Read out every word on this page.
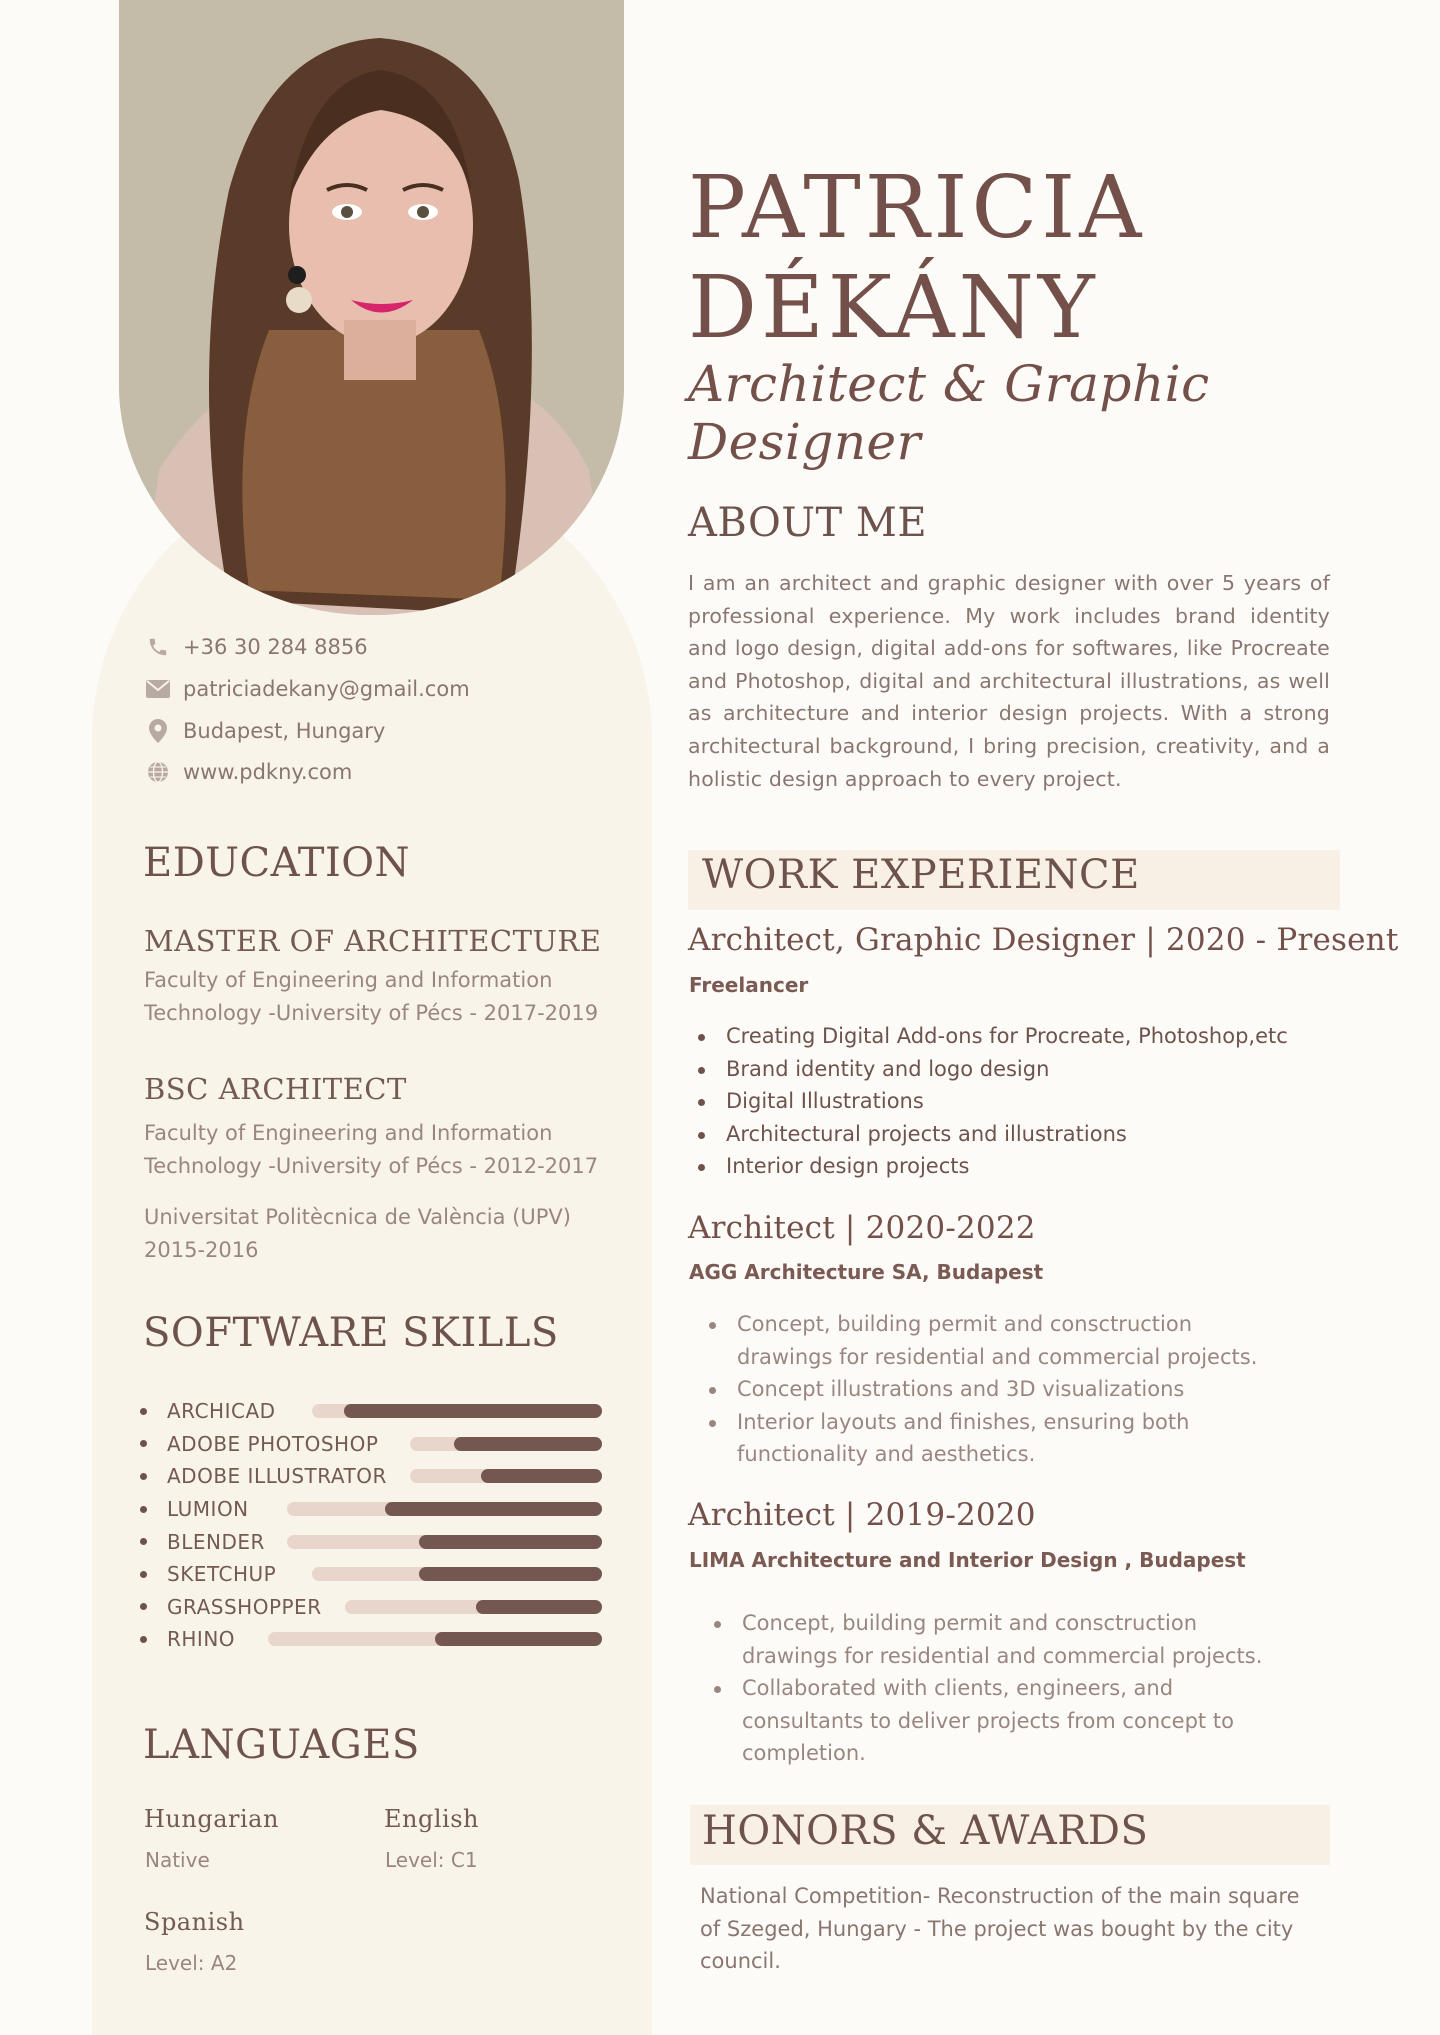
PATRICIA
DÉKÁNY
Architect & Graphic Designer
+36 30 284 8856
patriciadekany@gmail.com
Budapest, Hungary
www.pdkny.com
EDUCATION
MASTER OF ARCHITECTURE

Faculty of Engineering and Information Technology -University of Pécs - 2017-2019

BSC ARCHITECT

Faculty of Engineering and Information Technology -University of Pécs - 2012-2017

Universitat Politècnica de València (UPV) 2015-2016

SOFTWARE SKILLS
ARCHICAD
ADOBE PHOTOSHOP
ADOBE ILLUSTRATOR
LUMION
BLENDER
SKETCHUP
GRASSHOPPER
RHINO
LANGUAGES
Hungarian
Native
English
Level: C1
Spanish
Level: A2
ABOUT ME

I am an architect and graphic designer with over 5 years of professional experience. My work includes brand identity and logo design, digital add-ons for softwares, like Procreate and Photoshop, digital and architectural illustrations, as well as architecture and interior design projects. With a strong architectural background, I bring precision, creativity, and a holistic design approach to every project.

WORK EXPERIENCE
Architect, Graphic Designer | 2020 - Present
Freelancer
Creating Digital Add-ons for Procreate, Photoshop,etc
Brand identity and logo design
Digital Illustrations
Architectural projects and illustrations
Interior design projects
Architect | 2020-2022
AGG Architecture SA, Budapest
Concept, building permit and consctruction drawings for residential and commercial projects.
Concept illustrations and 3D visualizations
Interior layouts and finishes, ensuring both functionality and aesthetics.
Architect | 2019-2020
LIMA Architecture and Interior Design , Budapest
Concept, building permit and consctruction drawings for residential and commercial projects.
Collaborated with clients, engineers, and consultants to deliver projects from concept to completion.
HONORS & AWARDS

National Competition- Reconstruction of the main square of Szeged, Hungary - The project was bought by the city council.
